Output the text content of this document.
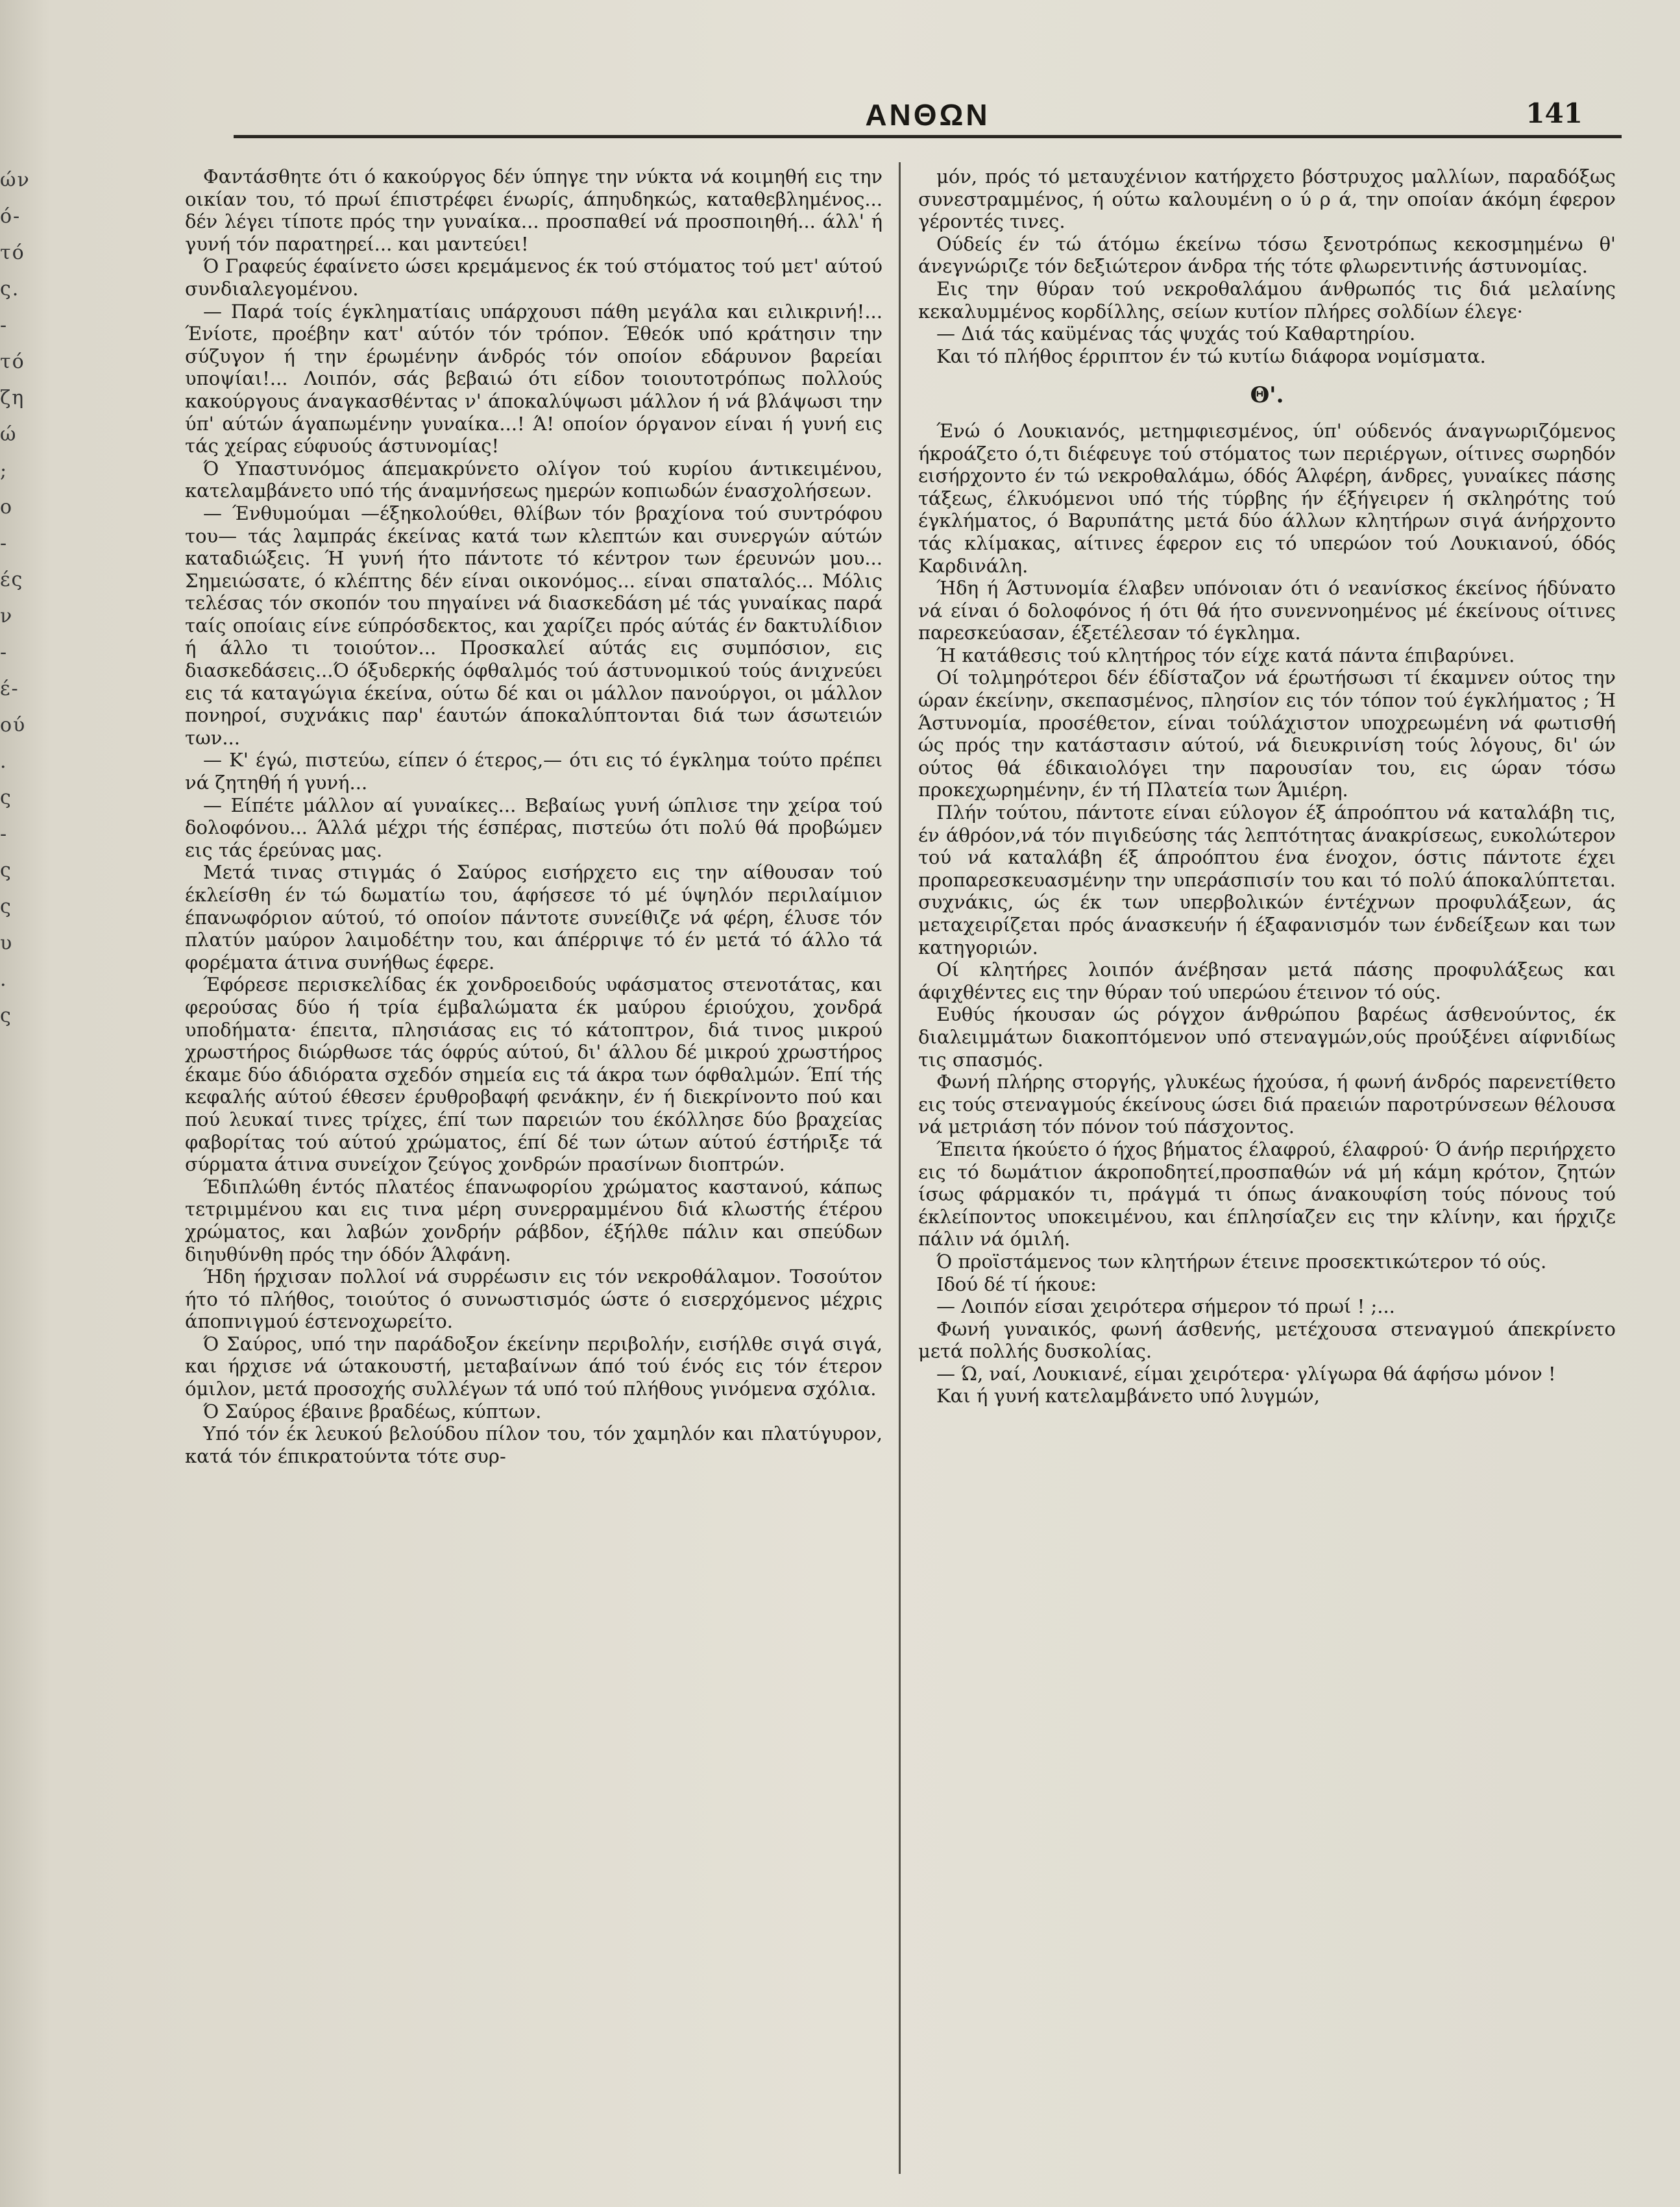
ών ό- τό ς. - τό ζη ώ ; ο - ές ν - έ- ού . ς - ς ς υ . ς
ΑΝΘΩΝ	141

Φαντάσθητε ότι ό κακούργος δέν ύπηγε την νύκτα νά κοιμηθή εις την οικίαν του, τό πρωί έπιστρέφει ένωρίς, άπηυδηκώς, καταθεβλημένος... δέν λέγει τίποτε πρός την γυναίκα... προσπαθεί νά προσποιηθή... άλλ' ή γυνή τόν παρατηρεί... και μαντεύει!

Ό Γραφεύς έφαίνετο ώσει κρεμάμενος έκ τού στόματος τού μετ' αύτού συνδιαλεγομένου.

— Παρά τοίς έγκληματίαις υπάρχουσι πάθη μεγάλα και ειλικρινή!... Ένίοτε, προέβην κατ' αύτόν τόν τρόπον. Έθεόκ υπό κράτησιν την σύζυγον ή την έρωμένην άνδρός τόν οποίον εδάρυνον βαρείαι υποψίαι!... Λοιπόν, σάς βεβαιώ ότι είδον τοιουτοτρόπως πολλούς κακούργους άναγκασθέντας ν' άποκαλύψωσι μάλλον ή νά βλάψωσι την ύπ' αύτών άγαπωμένην γυναίκα...! Ά! οποίον όργανον είναι ή γυνή εις τάς χείρας εύφυούς άστυνομίας!

Ό Υπαστυνόμος άπεμακρύνετο ολίγον τού κυρίου άντικειμένου, κατελαμβάνετο υπό τής άναμνήσεως ημερών κοπιωδών ένασχολήσεων.

— Ένθυμούμαι —έξηκολούθει, θλίβων τόν βραχίονα τού συντρόφου του— τάς λαμπράς έκείνας κατά των κλεπτών και συνεργών αύτών καταδιώξεις. Ή γυνή ήτο πάντοτε τό κέντρον των έρευνών μου... Σημειώσατε, ό κλέπτης δέν είναι οικονόμος... είναι σπαταλός... Μόλις τελέσας τόν σκοπόν του πηγαίνει νά διασκεδάση μέ τάς γυναίκας παρά ταίς οποίαις είνε εύπρόσδεκτος, και χαρίζει πρός αύτάς έν δακτυλίδιον ή άλλο τι τοιούτον... Προσκαλεί αύτάς εις συμπόσιον, εις διασκεδάσεις...Ό όξυδερκής όφθαλμός τού άστυνομικού τούς άνιχνεύει εις τά καταγώγια έκείνα, ούτω δέ και οι μάλλον πανούργοι, οι μάλλον πονηροί, συχνάκις παρ' έαυτών άποκαλύπτονται διά των άσωτειών των...

— Κ' έγώ, πιστεύω, είπεν ό έτερος,— ότι εις τό έγκλημα τούτο πρέπει νά ζητηθή ή γυνή...

— Είπέτε μάλλον αί γυναίκες... Βεβαίως γυνή ώπλισε την χείρα τού δολοφόνου... Άλλά μέχρι τής έσπέρας, πιστεύω ότι πολύ θά προβώμεν εις τάς έρεύνας μας.

Μετά τινας στιγμάς ό Σαύρος εισήρχετο εις την αίθουσαν τού έκλείσθη έν τώ δωματίω του, άφήσεσε τό μέ ύψηλόν περιλαίμιον έπανωφόριον αύτού, τό οποίον πάντοτε συνείθιζε νά φέρη, έλυσε τόν πλατύν μαύρον λαιμοδέτην του, και άπέρριψε τό έν μετά τό άλλο τά φορέματα άτινα συνήθως έφερε.

Έφόρεσε περισκελίδας έκ χονδροειδούς υφάσματος στενοτάτας, και φερούσας δύο ή τρία έμβαλώματα έκ μαύρου έριούχου, χονδρά υποδήματα· έπειτα, πλησιάσας εις τό κάτοπτρον, διά τινος μικρού χρωστήρος διώρθωσε τάς όφρύς αύτού, δι' άλλου δέ μικρού χρωστήρος έκαμε δύο άδιόρατα σχεδόν σημεία εις τά άκρα των όφθαλμών. Έπί τής κεφαλής αύτού έθεσεν έρυθροβαφή φενάκην, έν ή διεκρίνοντο πού και πού λευκαί τινες τρίχες, έπί των παρειών του έκόλλησε δύο βραχείας φαβορίτας τού αύτού χρώματος, έπί δέ των ώτων αύτού έστήριξε τά σύρματα άτινα συνείχον ζεύγος χονδρών πρασίνων διοπτρών.

Έδιπλώθη έντός πλατέος έπανωφορίου χρώματος καστανού, κάπως τετριμμένου και εις τινα μέρη συνερραμμένου διά κλωστής έτέρου χρώματος, και λαβών χονδρήν ράβδον, έξήλθε πάλιν και σπεύδων διηυθύνθη πρός την όδόν Άλφάνη.

Ήδη ήρχισαν πολλοί νά συρρέωσιν εις τόν νεκροθάλαμον. Τοσούτον ήτο τό πλήθος, τοιούτος ό συνωστισμός ώστε ό εισερχόμενος μέχρις άποπνιγμού έστενοχωρείτο.

Ό Σαύρος, υπό την παράδοξον έκείνην περιβολήν, εισήλθε σιγά σιγά, και ήρχισε νά ώτακουστή, μεταβαίνων άπό τού ένός εις τόν έτερον όμιλον, μετά προσοχής συλλέγων τά υπό τού πλήθους γινόμενα σχόλια.

Ό Σαύρος έβαινε βραδέως, κύπτων.

Υπό τόν έκ λευκού βελούδου πίλον του, τόν χαμηλόν και πλατύγυρον, κατά τόν έπικρατούντα τότε συρ-

μόν, πρός τό μεταυχένιον κατήρχετο βόστρυχος μαλλίων, παραδόξως συνεστραμμένος, ή ούτω καλουμένη ο ύ ρ ά, την οποίαν άκόμη έφερον γέροντές τινες.

Ούδείς έν τώ άτόμω έκείνω τόσω ξενοτρόπως κεκοσμημένω θ' άνεγνώριζε τόν δεξιώτερον άνδρα τής τότε φλωρεντινής άστυνομίας.

Εις την θύραν τού νεκροθαλάμου άνθρωπός τις διά μελαίνης κεκαλυμμένος κορδίλλης, σείων κυτίον πλήρες σολδίων έλεγε·

— Διά τάς καϋμένας τάς ψυχάς τού Καθαρτηρίου.

Και τό πλήθος έρριπτον έν τώ κυτίω διάφορα νομίσματα.

Θ'.

Ένώ ό Λουκιανός, μετημφιεσμένος, ύπ' ούδενός άναγνωριζόμενος ήκροάζετο ό,τι διέφευγε τού στόματος των περιέργων, οίτινες σωρηδόν εισήρχοντο έν τώ νεκροθαλάμω, όδός Άλφέρη, άνδρες, γυναίκες πάσης τάξεως, έλκυόμενοι υπό τής τύρβης ήν έξήγειρεν ή σκληρότης τού έγκλήματος, ό Βαρυπάτης μετά δύο άλλων κλητήρων σιγά άνήρχοντο τάς κλίμακας, αίτινες έφερον εις τό υπερώον τού Λουκιανού, όδός Καρδινάλη.

Ήδη ή Άστυνομία έλαβεν υπόνοιαν ότι ό νεανίσκος έκείνος ήδύνατο νά είναι ό δολοφόνος ή ότι θά ήτο συνεννοημένος μέ έκείνους οίτινες παρεσκεύασαν, έξετέλεσαν τό έγκλημα.

Ή κατάθεσις τού κλητήρος τόν είχε κατά πάντα έπιβαρύνει.

Οί τολμηρότεροι δέν έδίσταζον νά έρωτήσωσι τί έκαμνεν ούτος την ώραν έκείνην, σκεπασμένος, πλησίον εις τόν τόπον τού έγκλήματος ; Ή Άστυνομία, προσέθετον, είναι τούλάχιστον υποχρεωμένη νά φωτισθή ώς πρός την κατάστασιν αύτού, νά διευκρινίση τούς λόγους, δι' ών ούτος θά έδικαιολόγει την παρουσίαν του, εις ώραν τόσω προκεχωρημένην, έν τή Πλατεία των Άμιέρη.

Πλήν τούτου, πάντοτε είναι εύλογον έξ άπροόπτου νά καταλάβη τις, έν άθρόον,νά τόν πιγιδεύσης τάς λεπτότητας άνακρίσεως, ευκολώτερον τού νά καταλάβη έξ άπροόπτου ένα ένοχον, όστις πάντοτε έχει προπαρεσκευασμένην την υπεράσπισίν του και τό πολύ άποκαλύπτεται. συχνάκις, ώς έκ των υπερβολικών έντέχνων προφυλάξεων, άς μεταχειρίζεται πρός άνασκευήν ή έξαφανισμόν των ένδείξεων και των κατηγοριών.

Οί κλητήρες λοιπόν άνέβησαν μετά πάσης προφυλάξεως και άφιχθέντες εις την θύραν τού υπερώου έτεινον τό ούς.

Ευθύς ήκουσαν ώς ρόγχον άνθρώπου βαρέως άσθενούντος, έκ διαλειμμάτων διακοπτόμενον υπό στεναγμών,ούς προύξένει αίφνιδίως τις σπασμός.

Φωνή πλήρης στοργής, γλυκέως ήχούσα, ή φωνή άνδρός παρενετίθετο εις τούς στεναγμούς έκείνους ώσει διά πραειών παροτρύνσεων θέλουσα νά μετριάση τόν πόνον τού πάσχοντος.

Έπειτα ήκούετο ό ήχος βήματος έλαφρού, έλαφρού· Ό άνήρ περιήρχετο εις τό δωμάτιον άκροποδητεί,προσπαθών νά μή κάμη κρότον, ζητών ίσως φάρμακόν τι, πράγμά τι όπως άνακουφίση τούς πόνους τού έκλείποντος υποκειμένου, και έπλησίαζεν εις την κλίνην, και ήρχιζε πάλιν νά όμιλή.

Ό προϊστάμενος των κλητήρων έτεινε προσεκτικώτερον τό ούς.

Ιδού δέ τί ήκουε:

— Λοιπόν είσαι χειρότερα σήμερον τό πρωί ! ;...

Φωνή γυναικός, φωνή άσθενής, μετέχουσα στεναγμού άπεκρίνετο μετά πολλής δυσκολίας.

— Ώ, ναί, Λουκιανέ, είμαι χειρότερα· γλίγωρα θά άφήσω μόνον !

Και ή γυνή κατελαμβάνετο υπό λυγμών,
